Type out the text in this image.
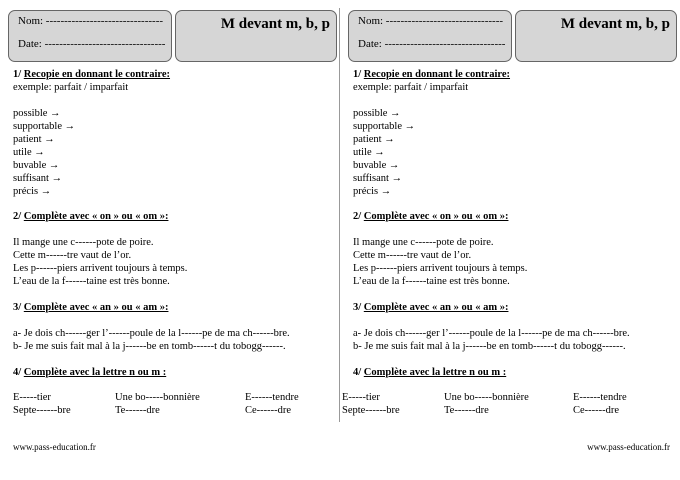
Nom: --------------------------------
Date: ---------------------------------
M devant m, b, p
1/ Recopie en donnant le contraire:
exemple: parfait / imparfait
possible →
supportable →
patient →
utile →
buvable →
suffisant →
précis →
2/ Complète avec « on » ou « om »:
Il mange une c------pote de poire.
Cette m------tre vaut de l’or.
Les p------piers arrivent toujours à temps.
L’eau de la f------taine est très bonne.
3/ Complète avec « an » ou « am »:
a- Je dois ch------ger l’------poule de la l------pe de ma ch------bre.
b- Je me suis fait mal à la j------be en tomb------t du tobogg------.
4/ Complète avec la lettre n ou m :
E-----tier	Une bo-----bonnière	E------tendre
Septe------bre	Te------dre	Ce------dre
www.pass-education.fr
Nom: --------------------------------
Date: ---------------------------------
M devant m, b, p
1/ Recopie en donnant le contraire:
exemple: parfait / imparfait
possible →
supportable →
patient →
utile →
buvable →
suffisant →
précis →
2/ Complète avec « on » ou « om »:
Il mange une c------pote de poire.
Cette m------tre vaut de l’or.
Les p------piers arrivent toujours à temps.
L’eau de la f------taine est très bonne.
3/ Complète avec « an » ou « am »:
a- Je dois ch------ger l’------poule de la l------pe de ma ch------bre.
b- Je me suis fait mal à la j------be en tomb------t du tobogg------.
4/ Complète avec la lettre n ou m :
E-----tier	Une bo-----bonnière	E------tendre
Septe------bre	Te------dre	Ce------dre
www.pass-education.fr
